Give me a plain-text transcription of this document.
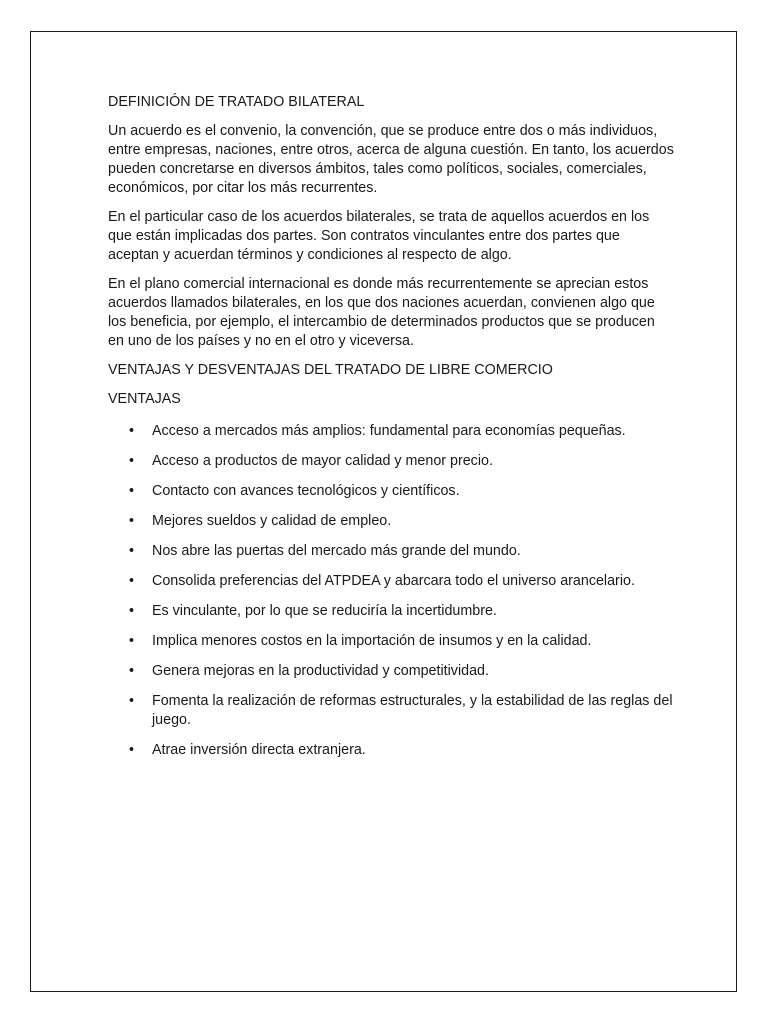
DEFINICIÓN DE TRATADO BILATERAL

Un acuerdo es el convenio, la convención, que se produce entre dos o más individuos, entre empresas, naciones, entre otros, acerca de alguna cuestión. En tanto, los acuerdos pueden concretarse en diversos ámbitos, tales como políticos, sociales, comerciales, económicos, por citar los más recurrentes.

En el particular caso de los acuerdos bilaterales, se trata de aquellos acuerdos en los que están implicadas dos partes. Son contratos vinculantes entre dos partes que aceptan y acuerdan términos y condiciones al respecto de algo.

En el plano comercial internacional es donde más recurrentemente se aprecian estos acuerdos llamados bilaterales, en los que dos naciones acuerdan, convienen algo que los beneficia, por ejemplo, el intercambio de determinados productos que se producen en uno de los países y no en el otro y viceversa.

VENTAJAS Y DESVENTAJAS DEL TRATADO DE LIBRE COMERCIO
VENTAJAS
• Acceso a mercados más amplios: fundamental para economías pequeñas.
• Acceso a productos de mayor calidad y menor precio.
• Contacto con avances tecnológicos y científicos.
• Mejores sueldos y calidad de empleo.
• Nos abre las puertas del mercado más grande del mundo.
• Consolida preferencias del ATPDEA y abarcara todo el universo arancelario.
• Es vinculante, por lo que se reduciría la incertidumbre.
• Implica menores costos en la importación de insumos y en la calidad.
• Genera mejoras en la productividad y competitividad.
• Fomenta la realización de reformas estructurales, y la estabilidad de las reglas del juego.
• Atrae inversión directa extranjera.
